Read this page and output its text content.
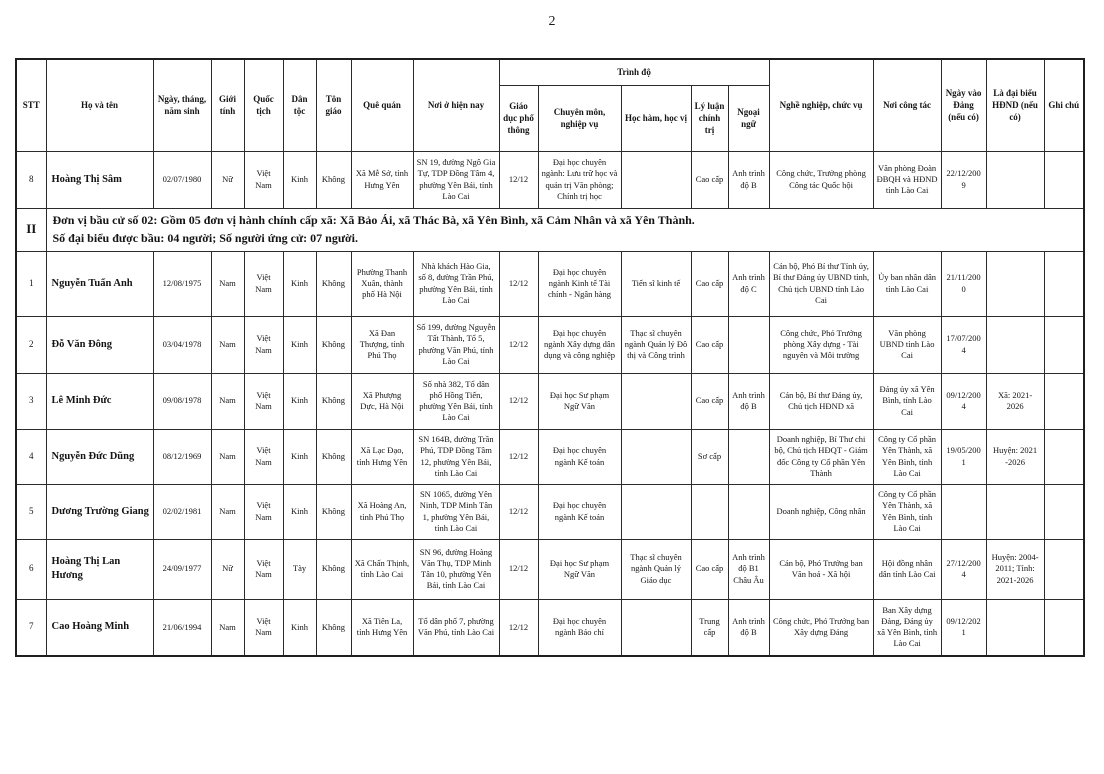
2
STT	Họ và tên	Ngày, tháng, năm sinh	Giới tính	Quốc tịch	Dân tộc	Tôn giáo	Quê quán	Nơi ở hiện nay	Trình độ					Nghề nghiệp, chức vụ	Nơi công tác	Ngày vào Đảng (nếu có)	Là đại biểu HĐND (nếu có)	Ghi chú
									Giáo dục phổ thông	Chuyên môn, nghiệp vụ	Học hàm, học vị	Lý luận chính trị	Ngoại ngữ					
8	Hoàng Thị Sâm	02/07/1980	Nữ	Việt Nam	Kinh	Không	Xã Mễ Sở, tỉnh Hưng Yên	SN 19, đường Ngô Gia Tự, TDP Đồng Tâm 4, phường Yên Bái, tỉnh Lào Cai	12/12	Đại học chuyên ngành: Lưu trữ học và quản trị Văn phòng; Chính trị học		Cao cấp	Anh trình độ B	Công chức, Trưởng phòng Công tác Quốc hội	Văn phòng Đoàn ĐBQH và HĐND tỉnh Lào Cai	22/12/2009		
II	Đơn vị bầu cử số 02: Gồm 05 đơn vị hành chính cấp xã: Xã Bảo Ái, xã Thác Bà, xã Yên Bình, xã Cảm Nhân và xã Yên Thành.
Số đại biểu được bầu: 04 người; Số người ứng cử: 07 người.																	

1	Nguyễn Tuấn Anh	12/08/1975	Nam	Việt Nam	Kinh	Không	Phường Thanh Xuân, thành phố Hà Nội	Nhà khách Hào Gia, số 8, đường Trần Phú, phường Yên Bái, tỉnh Lào Cai	12/12	Đại học chuyên ngành Kinh tế Tài chính - Ngân hàng	Tiến sĩ kinh tế	Cao cấp	Anh trình độ C	Cán bộ, Phó Bí thư Tỉnh ủy, Bí thư Đảng ủy UBND tỉnh, Chủ tịch UBND tỉnh Lào Cai	Ủy ban nhân dân tỉnh Lào Cai	21/11/2000		
2	Đỗ Văn Đông	03/04/1978	Nam	Việt Nam	Kinh	Không	Xã Đan Thượng, tỉnh Phú Thọ	Số 199, đường Nguyễn Tất Thành, Tổ 5, phường Văn Phú, tỉnh Lào Cai	12/12	Đại học chuyên ngành Xây dựng dân dụng và công nghiệp	Thạc sĩ chuyên ngành Quản lý Đô thị và Công trình	Cao cấp		Công chức, Phó Trưởng phòng Xây dựng - Tài nguyên và Môi trường	Văn phòng UBND tỉnh Lào Cai	17/07/2004		
3	Lê Minh Đức	09/08/1978	Nam	Việt Nam	Kinh	Không	Xã Phượng Dực, Hà Nội	Số nhà 382, Tổ dân phố Hồng Tiến, phường Yên Bái, tỉnh Lào Cai	12/12	Đại học Sư phạm Ngữ Văn		Cao cấp	Anh trình độ B	Cán bộ, Bí thư Đảng ủy, Chủ tịch HĐND xã	Đảng ủy xã Yên Bình, tỉnh Lào Cai	09/12/2004	Xã: 2021-2026	
4	Nguyễn Đức Dũng	08/12/1969	Nam	Việt Nam	Kinh	Không	Xã Lạc Đạo, tỉnh Hưng Yên	SN 164B, đường Trần Phú, TDP Đồng Tâm 12, phường Yên Bái, tỉnh Lào Cai	12/12	Đại học chuyên ngành Kế toán		Sơ cấp		Doanh nghiệp, Bí Thư chi bộ, Chủ tịch HĐQT - Giám đốc Công ty Cổ phần Yên Thành	Công ty Cổ phần Yên Thành, xã Yên Bình, tỉnh Lào Cai	19/05/2001	Huyện: 2021 -2026	
5	Dương Trường Giang	02/02/1981	Nam	Việt Nam	Kinh	Không	Xã Hoàng An, tỉnh Phú Thọ	SN 1065, đường Yên Ninh, TDP Minh Tân 1, phường Yên Bái, tỉnh Lào Cai	12/12	Đại học chuyên ngành Kế toán				Doanh nghiệp, Công nhân	Công ty Cổ phần Yên Thành, xã Yên Bình, tỉnh Lào Cai			
6	Hoàng Thị Lan Hương	24/09/1977	Nữ	Việt Nam	Tày	Không	Xã Chấn Thịnh, tỉnh Lào Cai	SN 96, đường Hoàng Văn Thụ, TDP Minh Tân 10, phường Yên Bái, tỉnh Lào Cai	12/12	Đại học Sư phạm Ngữ Văn	Thạc sĩ chuyên ngành Quản lý Giáo dục	Cao cấp	Anh trình độ B1 Châu Âu	Cán bộ, Phó Trưởng ban Văn hoá - Xã hội	Hội đồng nhân dân tỉnh Lào Cai	27/12/2004	Huyện: 2004-2011; Tỉnh: 2021-2026	
7	Cao Hoàng Minh	21/06/1994	Nam	Việt Nam	Kinh	Không	Xã Tiên La, tỉnh Hưng Yên	Tổ dân phố 7, phường Văn Phú, tỉnh Lào Cai	12/12	Đại học chuyên ngành Báo chí		Trung cấp	Anh trình độ B	Công chức, Phó Trưởng ban Xây dựng Đảng	Ban Xây dựng Đảng, Đảng ủy xã Yên Bình, tỉnh Lào Cai	09/12/2021		
